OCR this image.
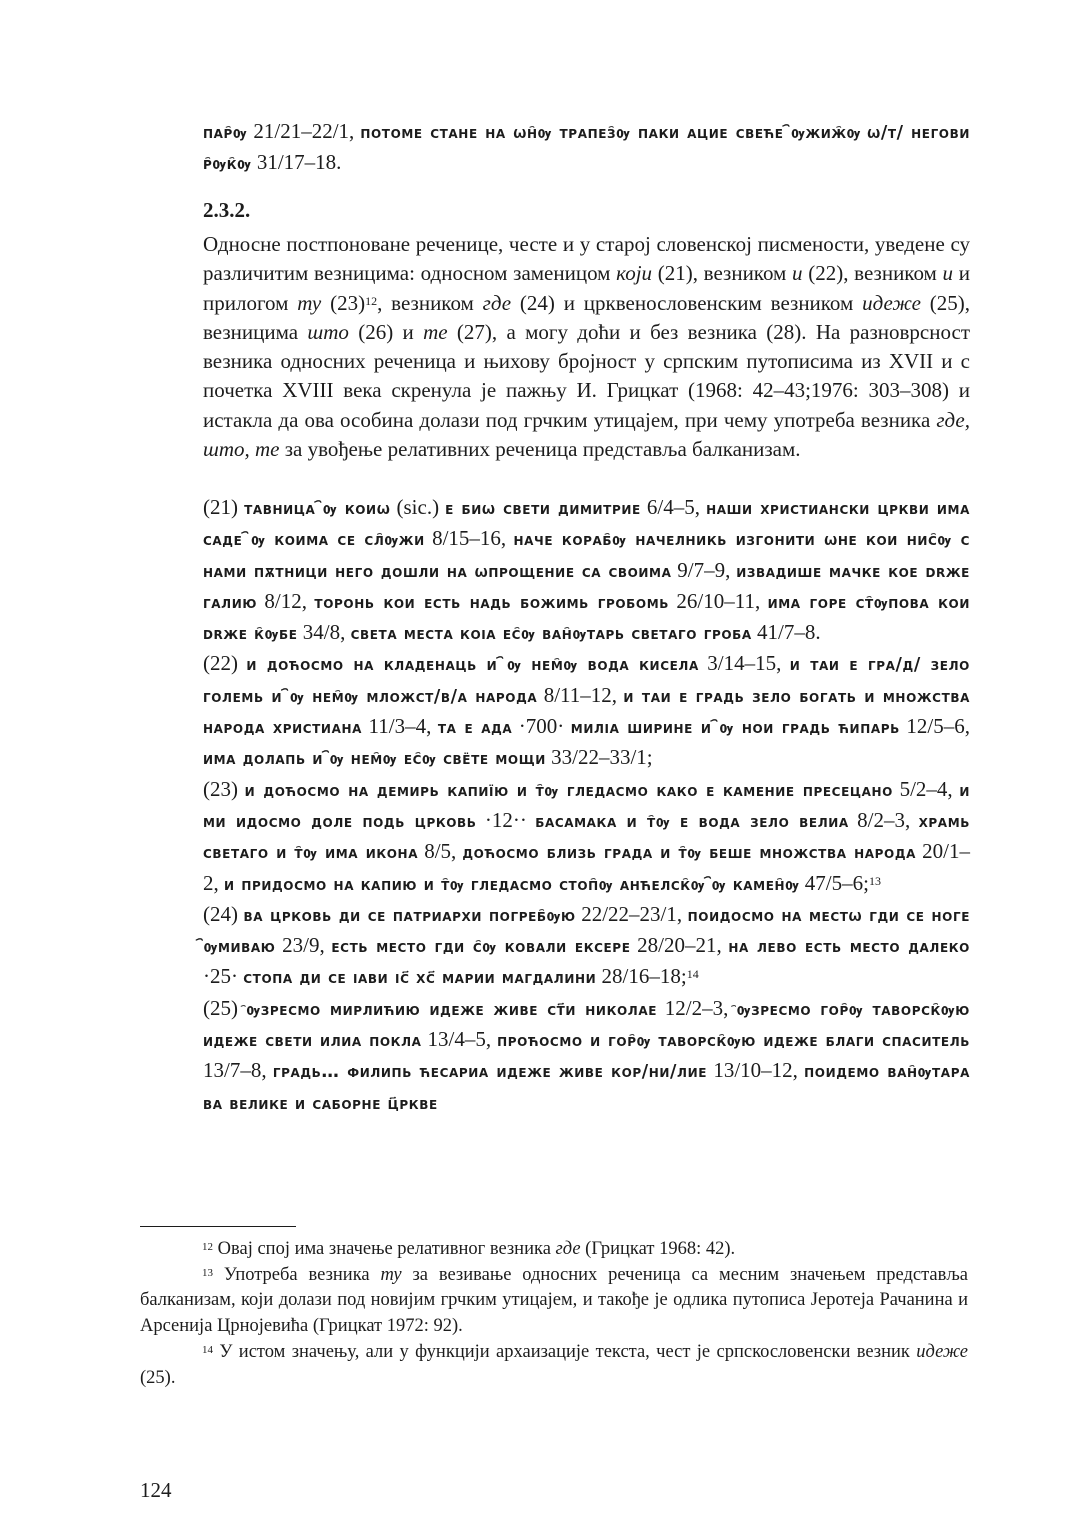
пар҄ѹ 21/21–22/1, потоме стане на ѡн҄ѹ трапез҄ѹ паки ацие свеће ҄ѹжиж҄ѹ ѡ/т/ негови р҄ѹк҄ѹ 31/17–18.
2.3.2.
Односне постпоноване реченице, честе и у старој словенској писмености, уведене су различитим везницима: односном заменицом који (21), везником и (22), везником и и прилогом ту $(23)^{12}$, везником где (24) и црквенословенским везником идеже (25), везницима што (26) и те (27), а могу доћи и без везника (28). На разноврсност везника односних реченица и њихову бројност у српским путописима из XVII и с почетка XVIII века скренула је пажњу И. Грицкат (1968: 42–43;1976: 303–308) и истакла да ова особина долази под грчким утицајем, при чему употреба везника где, што, те за увођење релативних реченица представља балканизам.

(21) тавница ҄ѹ коиѡ (sic.) е биѡ свети димитрие 6/4–5, наши христиански цркви има саде ҄ѹ коима се сл҄ѹжи 8/15–16, наче кораб҄ѹ начелникь изгонити ѡне кои нис҄ѹ с нами пѫтници него дошли на ѡпрощение са своима 9/7–9, извадише мачке кое drже галию 8/12, торонь кои есть надь божимь гробомь 26/10–11, има горе ст҄ѹпова кои drже к҄ѹбе 34/8, света места коıа ес҄ѹ ван҄ѹтарь светаго гроба 41/7–8.

(22) и доћосмо на кладенаць и ҄ѹ нем҄ѹ вода кисела 3/14–15, и таи е гра/д/ зело големь и ҄ѹ нем҄ѹ мложст/в/а народа 8/11–12, и таи е градь зело богать и множства народа христиана 11/3–4, та е ада ·700· милıа ширине и ҄ѹ нои градь ћипарь 12/5–6, има долапь и ҄ѹ нем҄ѹ ес҄ѹ свёте мощи 33/22–33/1;

(23) и доћосмо на демирь капиïю и т҄ѹ гледасмо како е камение пресецано 5/2–4, и ми идосмо доле подь црковь ·12·· басамака и т҄ѹ е вода зело велиа 8/2–3, храмь светаго и т҄ѹ има икона 8/5, доћосмо близь града и т҄ѹ беше множства народа 20/1–2, и придосмо на капию и т҄ѹ гледасмо стоп҄ѹ анћелск҄ѹ ҄ѹ камен҄ѹ 47/5–6;$^{13}$

(24) ва црковь ди се патриархи погреб҄ѹю 22/22–23/1, поидосмо на местѡ гди се ноге ҄ѹмиваю 23/9, есть место гди с҄ѹ ковали ексере 28/20–21, на лево есть место далеко ·25· стопа ди се ıави іс҃ хс҃ марии магдалини 28/16–18;$^{14}$

(25) ҄ѹзресмо мирлићию идеже живе ст҃и николае 12/2–3, ҄ѹзресмо гор҄ѹ таворск҄ѹю идеже свети илиа покла 13/4–5, проћосмо и гор҄ѹ таворск҄ѹю идеже благи спаситель 13/7–8, градь… филипь ћесариа идеже живе кор/ни/лие 13/10–12, поидемо ван҄ѹтара ва велике и саборне ц҃ркве

$^{12}$ Овај спој има значење релативног везника где (Грицкат 1968: 42).

$^{13}$ Употреба везника ту за везивање односних реченица са месним значењем представља балканизам, који долази под новијим грчким утицајем, и такође је одлика путописа Јеротеја Рачанина и Арсенија Црнојевића (Грицкат 1972: 92).

$^{14}$ У истом значењу, али у функцији архаизације текста, чест је српскословенски везник идеже (25).

124
